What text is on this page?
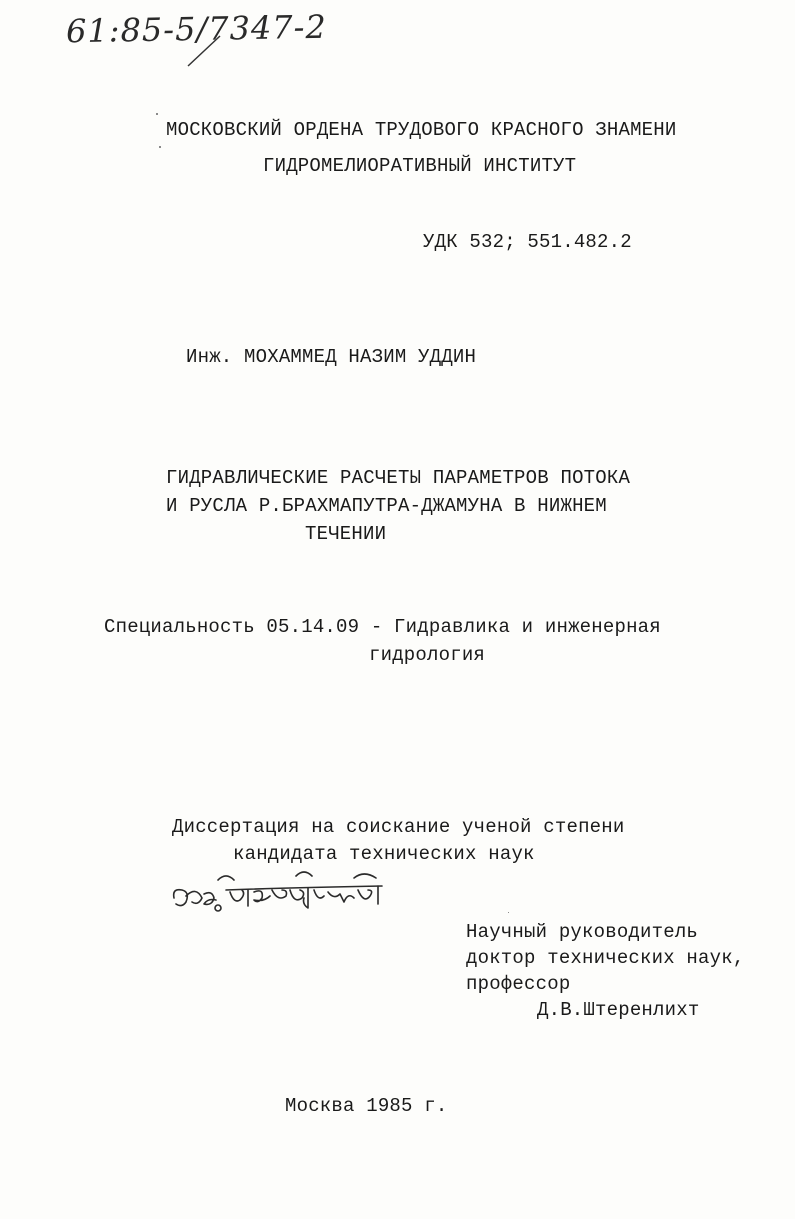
61:85-5/7347-2
МОСКОВСКИЙ ОРДЕНА ТРУДОВОГО КРАСНОГО ЗНАМЕНИ
ГИДРОМЕЛИОРАТИВНЫЙ ИНСТИТУТ
УДК 532; 551.482.2
Инж. МОХАММЕД НАЗИМ УДДИН
ГИДРАВЛИЧЕСКИЕ РАСЧЕТЫ ПАРАМЕТРОВ ПОТОКА
И РУСЛА Р.БРАХМАПУТРА-ДЖАМУНА В НИЖНЕМ
ТЕЧЕНИИ
Специальность 05.14.09 - Гидравлика и инженерная
гидрология
Диссертация на соискание ученой степени
кандидата технических наук
Научный руководитель
доктор технических наук,
профессор
Д.В.Штеренлихт
Москва 1985 г.
